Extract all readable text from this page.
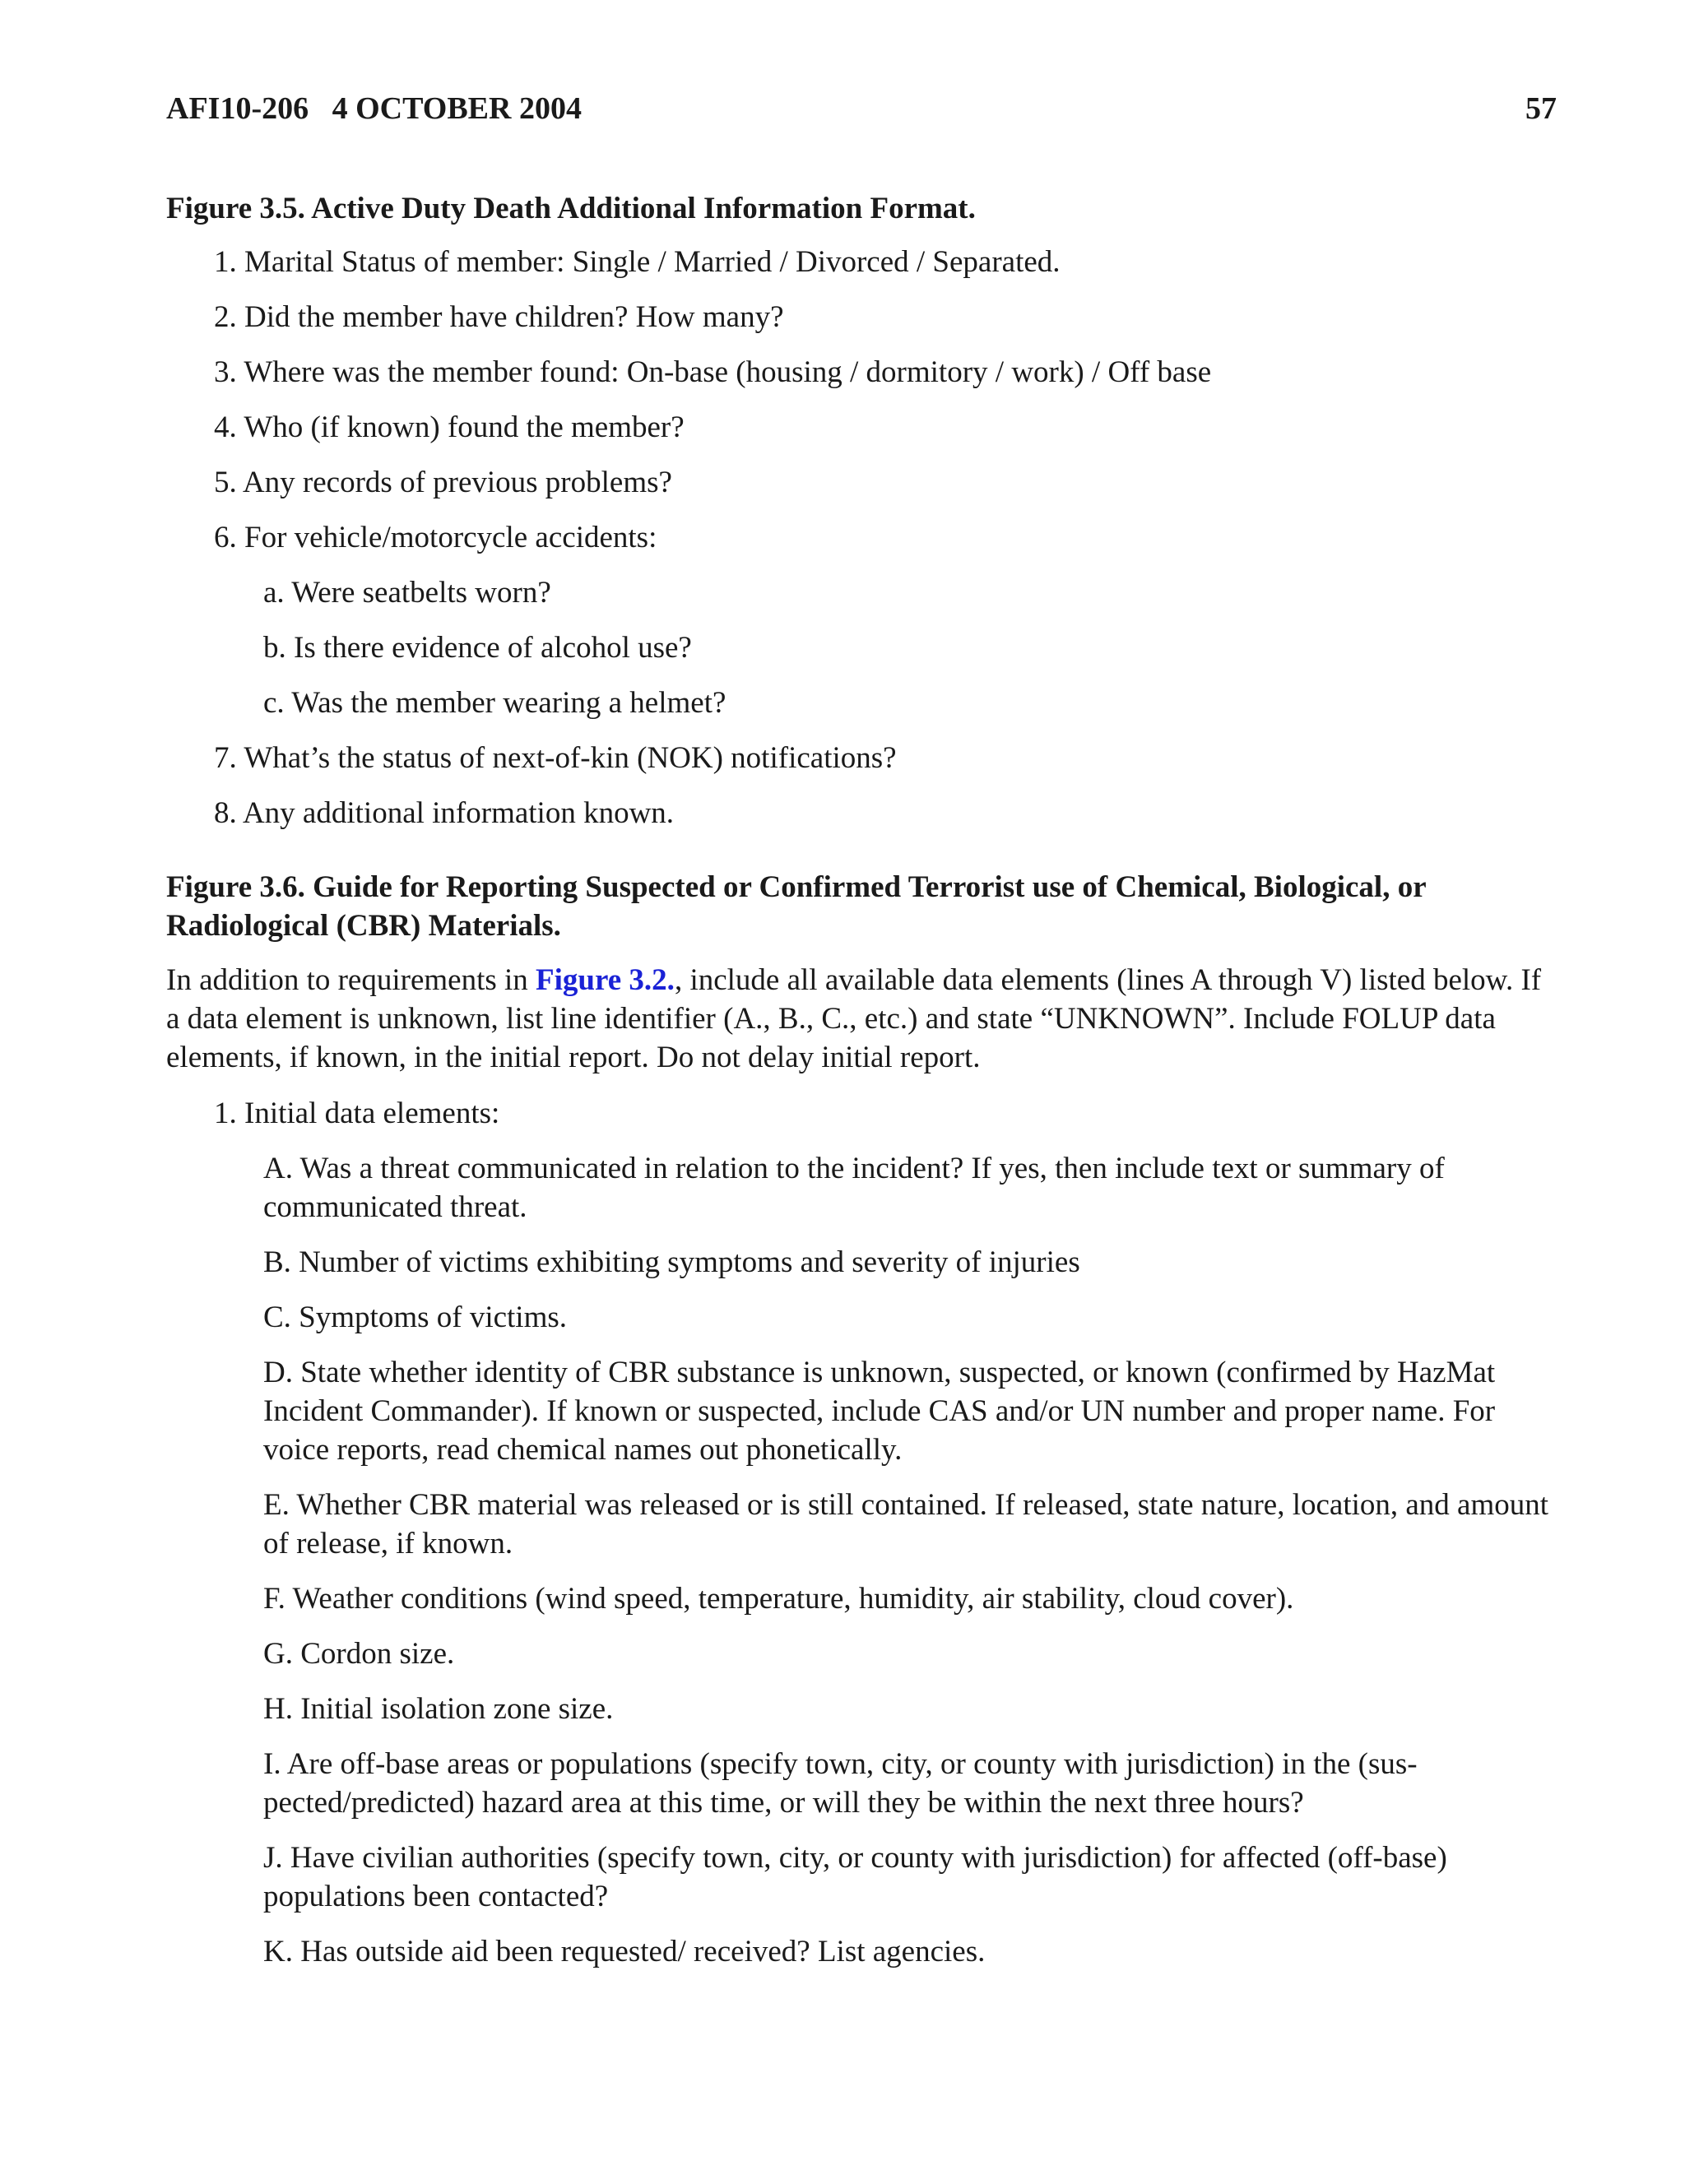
AFI10-206   4 OCTOBER 2004	57
Figure 3.5. Active Duty Death Additional Information Format.
1. Marital Status of member: Single / Married / Divorced / Separated.
2. Did the member have children? How many?
3. Where was the member found: On-base (housing / dormitory / work) / Off base
4. Who (if known) found the member?
5. Any records of previous problems?
6. For vehicle/motorcycle accidents:
a. Were seatbelts worn?
b. Is there evidence of alcohol use?
c. Was the member wearing a helmet?
7. What’s the status of next-of-kin (NOK) notifications?
8. Any additional information known.
Figure 3.6. Guide for Reporting Suspected or Confirmed Terrorist use of Chemical, Biological, or
Radiological (CBR) Materials.
In addition to requirements in Figure 3.2., include all available data elements (lines A through V) listed below. If a data element is unknown, list line identifier (A., B., C., etc.) and state “UNKNOWN”. Include FOLUP data elements, if known, in the initial report. Do not delay initial report.
1. Initial data elements:
A. Was a threat communicated in relation to the incident? If yes, then include text or summary of communicated threat.
B. Number of victims exhibiting symptoms and severity of injuries
C. Symptoms of victims.
D. State whether identity of CBR substance is unknown, suspected, or known (confirmed by HazMat Incident Commander). If known or suspected, include CAS and/or UN number and proper name. For voice reports, read chemical names out phonetically.
E. Whether CBR material was released or is still contained. If released, state nature, location, and amount of release, if known.
F. Weather conditions (wind speed, temperature, humidity, air stability, cloud cover).
G. Cordon size.
H. Initial isolation zone size.
I. Are off-base areas or populations (specify town, city, or county with jurisdiction) in the (sus-pected/predicted) hazard area at this time, or will they be within the next three hours?
J. Have civilian authorities (specify town, city, or county with jurisdiction) for affected (off-base) populations been contacted?
K. Has outside aid been requested/ received? List agencies.
